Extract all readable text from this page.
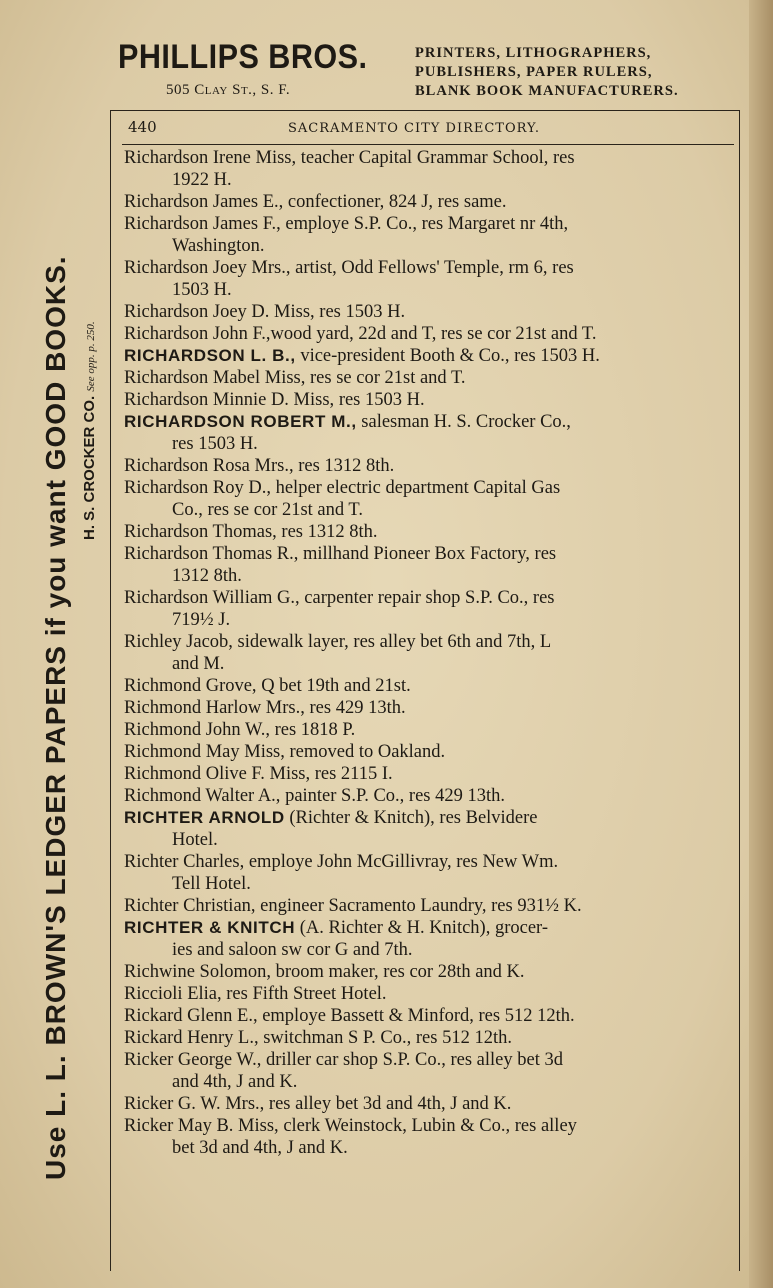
PHILLIPS BROS.
505 Clay St., S. F.
PRINTERS, LITHOGRAPHERS,
PUBLISHERS, PAPER RULERS,
BLANK BOOK MANUFACTURERS.
Use L. L. BROWN'S LEDGER PAPERS if you want GOOD BOOKS. H. S. CROCKER CO. See opp. p. 250.
440	SACRAMENTO CITY DIRECTORY.

Richardson Irene Miss, teacher Capital Grammar School, res
1922 H.

Richardson James E., confectioner, 824 J, res same.

Richardson James F., employe S.P. Co., res Margaret nr 4th,
Washington.

Richardson Joey Mrs., artist, Odd Fellows' Temple, rm 6, res
1503 H.

Richardson Joey D. Miss, res 1503 H.

Richardson John F.,wood yard, 22d and T, res se cor 21st and T.

RICHARDSON L. B., vice-president Booth & Co., res 1503 H.

Richardson Mabel Miss, res se cor 21st and T.

Richardson Minnie D. Miss, res 1503 H.

RICHARDSON ROBERT M., salesman H. S. Crocker Co.,
res 1503 H.

Richardson Rosa Mrs., res 1312 8th.

Richardson Roy D., helper electric department Capital Gas
Co., res se cor 21st and T.

Richardson Thomas, res 1312 8th.

Richardson Thomas R., millhand Pioneer Box Factory, res
1312 8th.

Richardson William G., carpenter repair shop S.P. Co., res
719½ J.

Richley Jacob, sidewalk layer, res alley bet 6th and 7th, L
and M.

Richmond Grove, Q bet 19th and 21st.

Richmond Harlow Mrs., res 429 13th.

Richmond John W., res 1818 P.

Richmond May Miss, removed to Oakland.

Richmond Olive F. Miss, res 2115 I.

Richmond Walter A., painter S.P. Co., res 429 13th.

RICHTER ARNOLD (Richter & Knitch), res Belvidere
Hotel.

Richter Charles, employe John McGillivray, res New Wm.
Tell Hotel.

Richter Christian, engineer Sacramento Laundry, res 931½ K.

RICHTER & KNITCH (A. Richter & H. Knitch), grocer-
ies and saloon sw cor G and 7th.

Richwine Solomon, broom maker, res cor 28th and K.

Riccioli Elia, res Fifth Street Hotel.

Rickard Glenn E., employe Bassett & Minford, res 512 12th.

Rickard Henry L., switchman S P. Co., res 512 12th.

Ricker George W., driller car shop S.P. Co., res alley bet 3d
and 4th, J and K.

Ricker G. W. Mrs., res alley bet 3d and 4th, J and K.

Ricker May B. Miss, clerk Weinstock, Lubin & Co., res alley
bet 3d and 4th, J and K.
